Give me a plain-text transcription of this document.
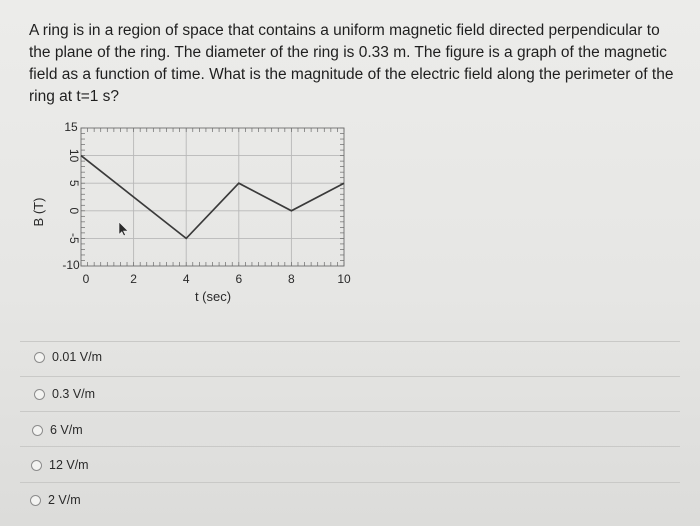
A ring is in a region of space that contains a uniform magnetic field directed perpendicular to the plane of the ring. The diameter of the ring is 0.33 m. The figure is a graph of the magnetic field as a function of time. What is the magnitude of the electric field along the perimeter of the ring at t=1 s?
0	2	4	6	8	10
15
10
5
0
-5
-10
t (sec)
B (T)
0.01 V/m
0.3 V/m
6 V/m
12 V/m
2 V/m
